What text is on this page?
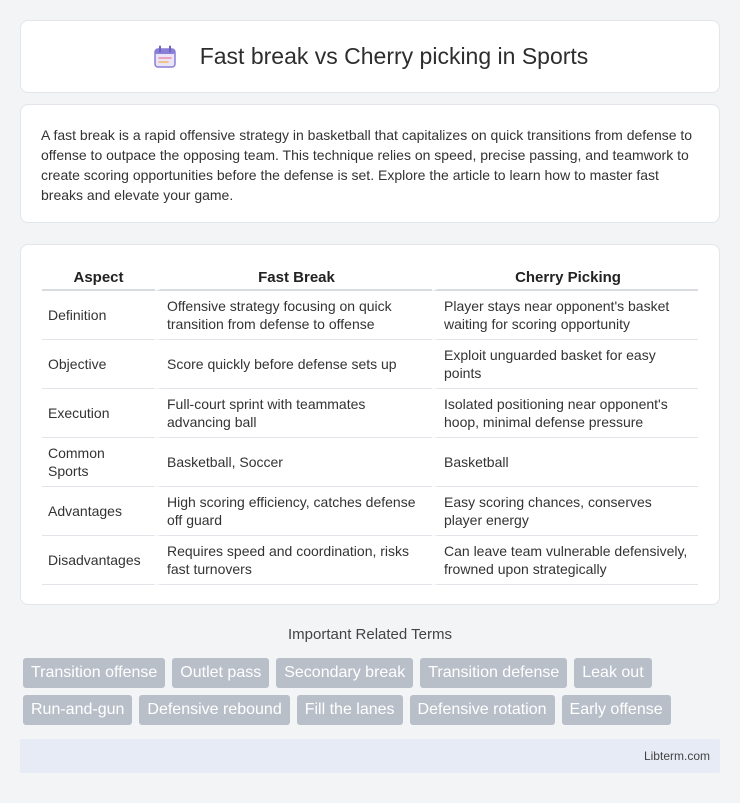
Fast break vs Cherry picking in Sports

A fast break is a rapid offensive strategy in basketball that capitalizes on quick transitions from defense to offense to outpace the opposing team. This technique relies on speed, precise passing, and teamwork to create scoring opportunities before the defense is set. Explore the article to learn how to master fast breaks and elevate your game.

Aspect	Fast Break	Cherry Picking
Definition	Offensive strategy focusing on quick transition from defense to offense	Player stays near opponent's basket waiting for scoring opportunity
Objective	Score quickly before defense sets up	Exploit unguarded basket for easy points
Execution	Full-court sprint with teammates advancing ball	Isolated positioning near opponent's hoop, minimal defense pressure
Common Sports	Basketball, Soccer	Basketball
Advantages	High scoring efficiency, catches defense off guard	Easy scoring chances, conserves player energy
Disadvantages	Requires speed and coordination, risks fast turnovers	Can leave team vulnerable defensively, frowned upon strategically
Important Related Terms
Transition offense	Outlet pass	Secondary break	Transition defense	Leak out
Run-and-gun	Defensive rebound	Fill the lanes	Defensive rotation	Early offense
Libterm.com
